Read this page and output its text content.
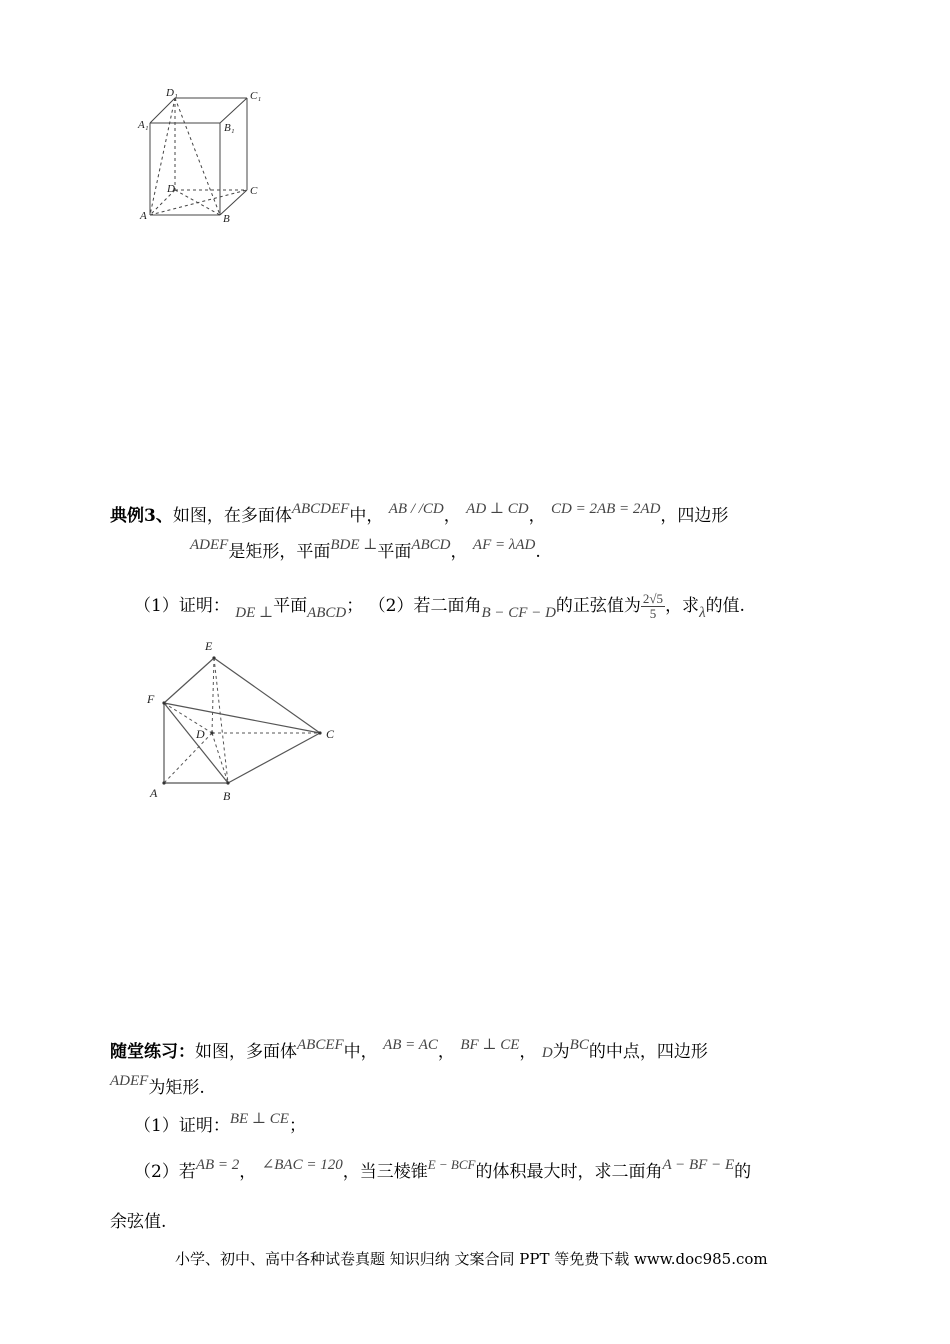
D₁	C₁
A₁	B₁
D	C
A	B
典例3、如图，在多面体ABCDEF中， AB / /CD， AD ⊥ CD， CD = 2AB = 2AD，四边形
ADEF是矩形，平面BDE ⊥平面ABCD， AF = λAD.
（1）证明： DE ⊥平面ABCD； （2）若二面角B − CF − D的正弦值为 $\frac{2√5}{5}$ ，求λ的值.
E
F
D	C
A	B
随堂练习：如图，多面体ABCEF中， AB = AC， BF ⊥ CE， D为BC的中点，四边形
ADEF为矩形.
（1）证明：BE ⊥ CE；
（2）若AB = 2， ∠BAC = 120，当三棱锥$^{E - BCF}$的体积最大时，求二面角A − BF − E的
余弦值.
小学、初中、高中各种试卷真题 知识归纳 文案合同 PPT 等免费下载 www.doc985.com
